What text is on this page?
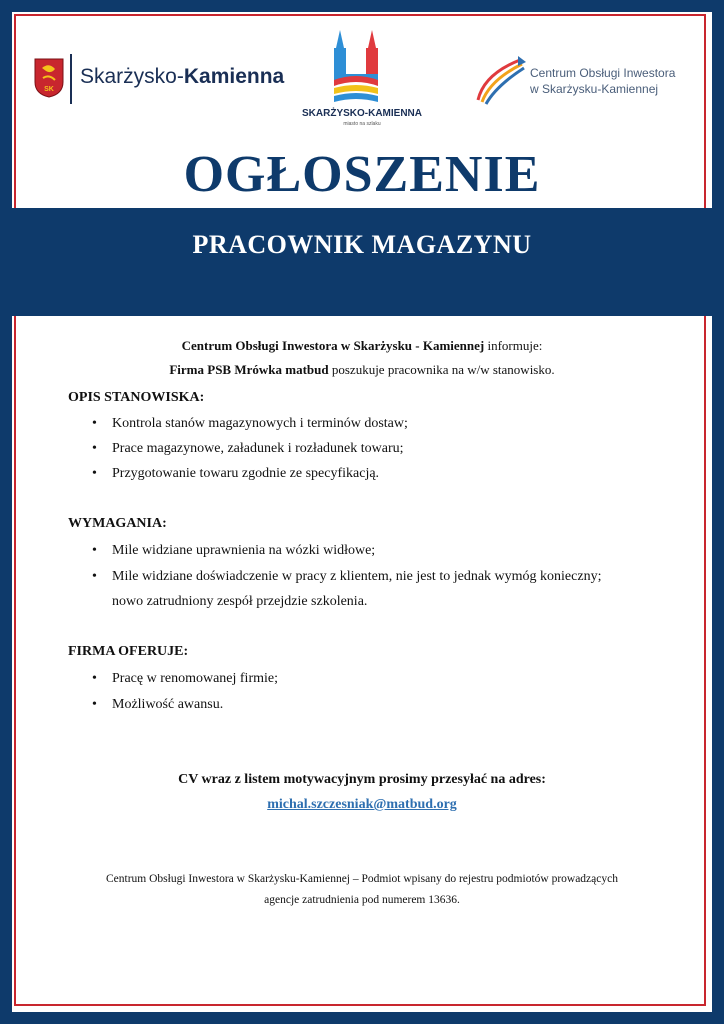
SK
Skarżysko-Kamienna
SKARŻYSKO-KAMIENNA
miasto na szlaku
Centrum Obsługi Inwestora
w Skarżysku-Kamiennej
OGŁOSZENIE
PRACOWNIK MAGAZYNU
Centrum Obsługi Inwestora w Skarżysku - Kamiennej informuje:
Firma PSB Mrówka matbud poszukuje pracownika na w/w stanowisko.
OPIS STANOWISKA:
• Kontrola stanów magazynowych i terminów dostaw;
• Prace magazynowe, załadunek i rozładunek towaru;
• Przygotowanie towaru zgodnie ze specyfikacją.
WYMAGANIA:
• Mile widziane uprawnienia na wózki widłowe;
• Mile widziane doświadczenie w pracy z klientem, nie jest to jednak wymóg konieczny;
nowo zatrudniony zespół przejdzie szkolenia.
FIRMA OFERUJE:
• Pracę w renomowanej firmie;
• Możliwość awansu.
CV wraz z listem motywacyjnym prosimy przesyłać na adres:
michal.szczesniak@matbud.org
Centrum Obsługi Inwestora w Skarżysku-Kamiennej – Podmiot wpisany do rejestru podmiotów prowadzących
agencje zatrudnienia pod numerem 13636.
